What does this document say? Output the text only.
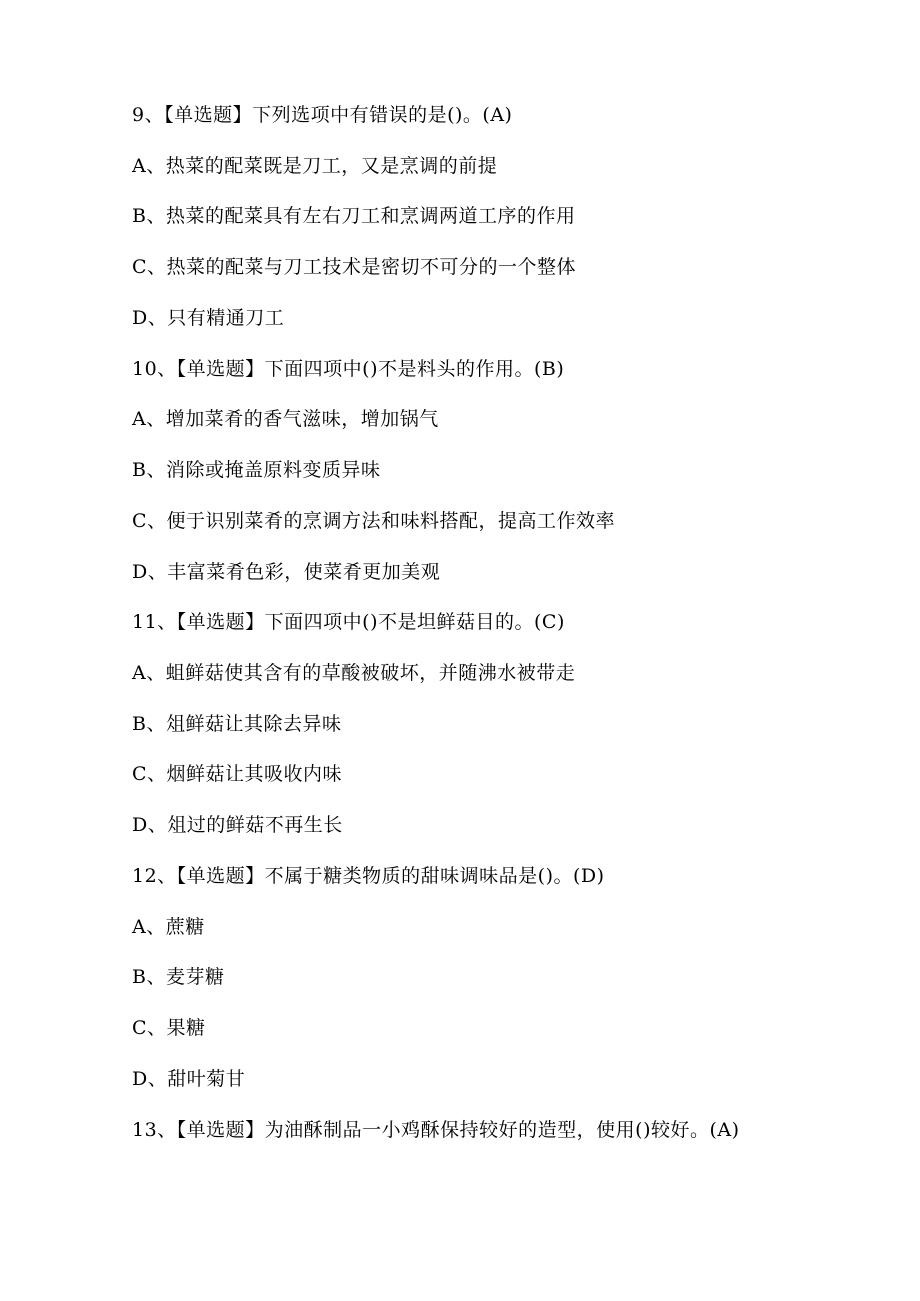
9、【单选题】下列选项中有错误的是()。(A)
A、热菜的配菜既是刀工，又是烹调的前提
B、热菜的配菜具有左右刀工和烹调两道工序的作用
C、热菜的配菜与刀工技术是密切不可分的一个整体
D、只有精通刀工
10、【单选题】下面四项中()不是料头的作用。(B)
A、增加菜肴的香气滋味，增加锅气
B、消除或掩盖原料变质异味
C、便于识别菜肴的烹调方法和味料搭配，提高工作效率
D、丰富菜肴色彩，使菜肴更加美观
11、【单选题】下面四项中()不是坦鲜菇目的。(C)
A、蛆鲜菇使其含有的草酸被破坏，并随沸水被带走
B、俎鲜菇让其除去异味
C、烟鲜菇让其吸收内味
D、俎过的鲜菇不再生长
12、【单选题】不属于糖类物质的甜味调味品是()。(D)
A、蔗糖
B、麦芽糖
C、果糖
D、甜叶菊甘
13、【单选题】为油酥制品一小鸡酥保持较好的造型，使用()较好。(A)
